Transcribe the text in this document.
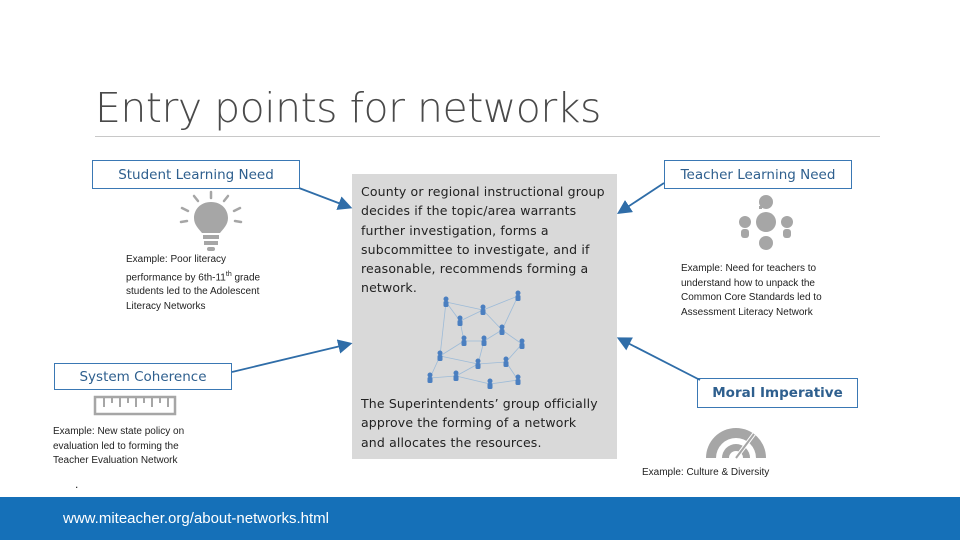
Entry points for networks
Student Learning Need
Example: Poor literacy
performance by 6th-11th grade
students led to the Adolescent
Literacy Networks
System Coherence
Example: New state policy on
evaluation led to forming the
Teacher Evaluation Network
.
County or regional instructional group
decides if the topic/area warrants
further investigation, forms a
subcommittee to investigate, and if
reasonable, recommends forming a
network.
The Superintendents’ group officially
approve the forming of a network
and allocates the resources.
Teacher Learning Need
Example: Need for teachers to
understand how to unpack the
Common Core Standards led to
Assessment Literacy Network
Moral Imperative
Example: Culture & Diversity
www.miteacher.org/about-networks.html
